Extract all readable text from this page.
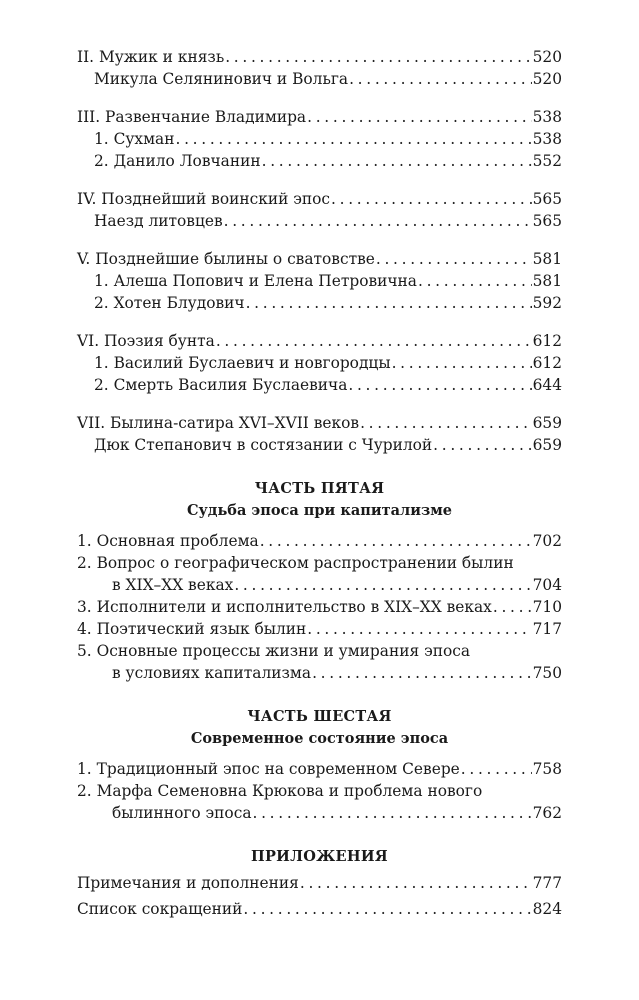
II. Мужик и князь . . .	520
Микула Селянинович и Вольга . . .	520
III. Развенчание Владимира . . .	538
1. Сухман . . .	538
2. Данило Ловчанин . . .	552
IV. Позднейший воинский эпос . . .	565
Наезд литовцев . . .	565
V. Позднейшие былины о сватовстве . . .	581
1. Алеша Попович и Елена Петровична . . .	581
2. Хотен Блудович . . .	592
VI. Поэзия бунта . . .	612
1. Василий Буслаевич и новгородцы . . .	612
2. Смерть Василия Буслаевича . . .	644
VII. Былина-сатира XVI–XVII веков . . .	659
Дюк Степанович в состязании с Чурилой . . .	659
ЧАСТЬ ПЯТАЯ
Судьба эпоса при капитализме
1. Основная проблема . . .	702
2. Вопрос о географическом распространении былин
в XIX–XX веках . . .	704
3. Исполнители и исполнительство в XIX–XX веках . . .	710
4. Поэтический язык былин . . .	717
5. Основные процессы жизни и умирания эпоса
в условиях капитализма . . .	750
ЧАСТЬ ШЕСТАЯ
Современное состояние эпоса
1. Традиционный эпос на современном Севере . . .	758
2. Марфа Семеновна Крюкова и проблема нового
былинного эпоса . . .	762
ПРИЛОЖЕНИЯ
Примечания и дополнения . . .	777
Список сокращений . . .	824
